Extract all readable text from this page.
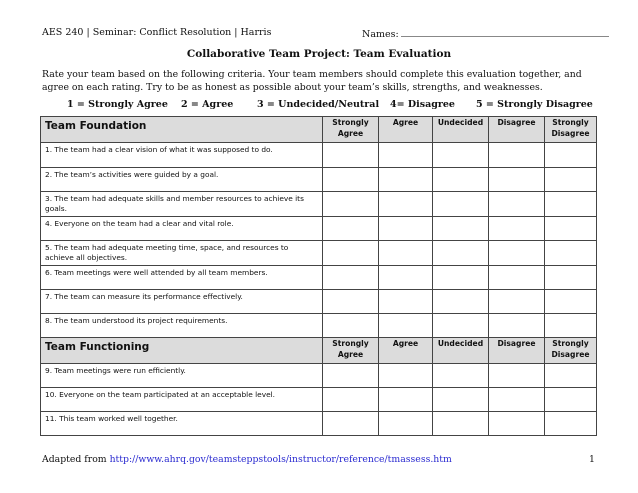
AES 240 | Seminar: Conflict Resolution | Harris	Names:
Collaborative Team Project: Team Evaluation
Rate your team based on the following criteria. Your team members should complete this evaluation together, and agree on each rating. Try to be as honest as possible about your team’s skills, strengths, and weaknesses.
1 = Strongly Agree 2 = Agree 3 = Undecided/Neutral 4= Disagree 5 = Strongly Disagree
Team Foundation	Strongly Agree	Agree	Undecided	Disagree	Strongly Disagree
1. The team had a clear vision of what it was supposed to do.					
2. The team’s activities were guided by a goal.					
3. The team had adequate skills and member resources to achieve its goals.					
4. Everyone on the team had a clear and vital role.					
5. The team had adequate meeting time, space, and resources to achieve all objectives.					
6. Team meetings were well attended by all team members.					
7. The team can measure its performance effectively.					
8. The team understood its project requirements.					
Team Functioning	Strongly Agree	Agree	Undecided	Disagree	Strongly Disagree
9. Team meetings were run efficiently.					
10. Everyone on the team participated at an acceptable level.					
11. This team worked well together.					
Adapted from http://www.ahrq.gov/teamsteppstools/instructor/reference/tmassess.htm	1
